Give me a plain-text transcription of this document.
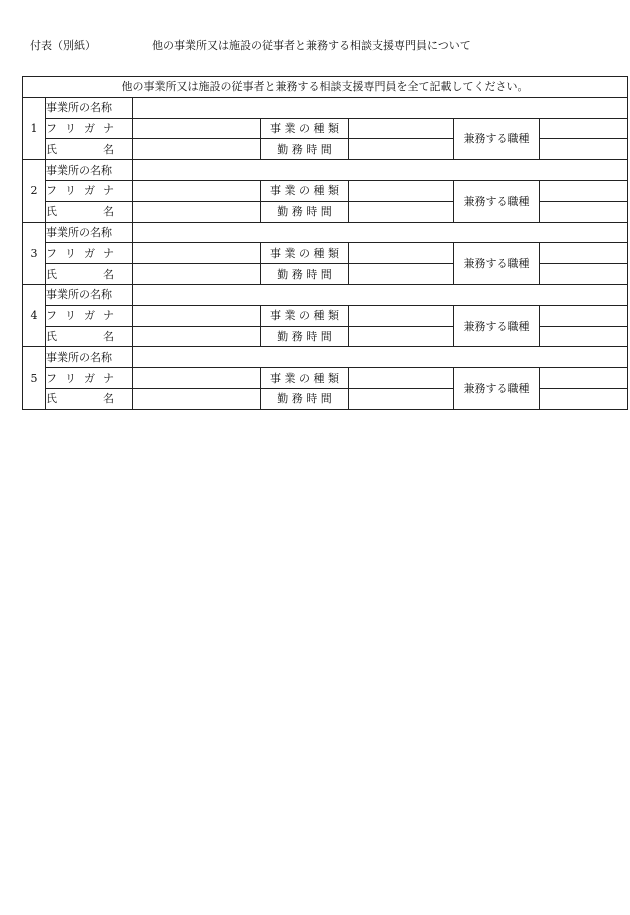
付表（別紙）	他の事業所又は施設の従事者と兼務する相談支援専門員について
他の事業所又は施設の従事者と兼務する相談支援専門員を全て記載してください。						
1	事業所の名称					
	フ リ ガ ナ		事 業 の 種 類		兼務する職種	
	氏 名		勤 務 時 間			
2	事業所の名称					
	フ リ ガ ナ		事 業 の 種 類		兼務する職種	
	氏 名		勤 務 時 間			
3	事業所の名称					
	フ リ ガ ナ		事 業 の 種 類		兼務する職種	
	氏 名		勤 務 時 間			
4	事業所の名称					
	フ リ ガ ナ		事 業 の 種 類		兼務する職種	
	氏 名		勤 務 時 間			
5	事業所の名称					
	フ リ ガ ナ		事 業 の 種 類		兼務する職種	
	氏 名		勤 務 時 間			
